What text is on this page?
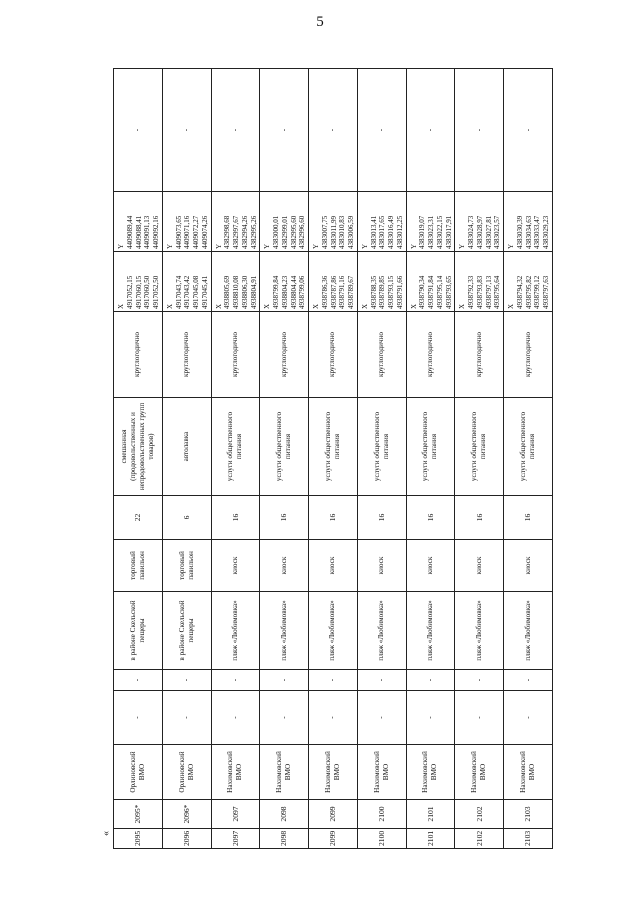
5
«	2095	2095*	Орлиновский ВМО	-	-	в районе Скельской пещеры	торговый павильон	22	смешанная (продовольственных и непродовольственных групп товаров)	круглогодично	X
4917052,15
4917060,15
4917060,50
4917052,50	Y
4409089,44
4409088,41
4409091,13
4409092,16	-
2096	2096*	Орлиновский ВМО	-	-	в районе Скельской пещеры	торговый павильон	6	автолавка	круглогодично	X
4917043,74
4917043,42
4917045,08
4917045,41	Y
4409073,65
4409071,16
4409072,27
4409074,26	-
2097	2097	Нахимовский ВМО	-	-	пляж «Любимовка»	киоск	16	услуги общественного питания	круглогодично	X
4938805,69
4938810,08
4938806,30
4938804,91	Y
4382998,68
4382997,67
4382994,26
4382995,26	-
2098	2098	Нахимовский ВМО	-	-	пляж «Любимовка»	киоск	16	услуги общественного питания	круглогодично	X
4938799,84
4938804,23
4938804,44
4938799,06	Y
4383000,01
4382999,01
4382995,60
4382996,60	-
2099	2099	Нахимовский ВМО	-	-	пляж «Любимовка»	киоск	16	услуги общественного питания	круглогодично	X
4938786,36
4938787,86
4938791,16
4938789,67	Y
4383007,75
4383011,99
4383010,83
4383006,59	-
2100	2100	Нахимовский ВМО	-	-	пляж «Любимовка»	киоск	16	услуги общественного питания	круглогодично	X
4938788,35
4938789,85
4938793,15
4938791,66	Y
4383013,41
4383017,65
4383016,49
4383012,25	-
2101	2101	Нахимовский ВМО	-	-	пляж «Любимовка»	киоск	16	услуги общественного питания	круглогодично	X
4938790,34
4938791,84
4938795,14
4938793,65	Y
4383019,07
4383023,31
4383022,15
4383017,91	-
2102	2102	Нахимовский ВМО	-	-	пляж «Любимовка»	киоск	16	услуги общественного питания	круглогодично	X
4938792,33
4938793,83
4938797,13
4938795,64	Y
4383024,73
4383028,97
4383027,81
4383023,57	-
2103	2103	Нахимовский ВМО	-	-	пляж «Любимовка»	киоск	16	услуги общественного питания	круглогодично	X
4938794,32
4938795,82
4938799,12
4938797,63	Y
4383030,39
4383034,63
4383033,47
4383029,23	-
